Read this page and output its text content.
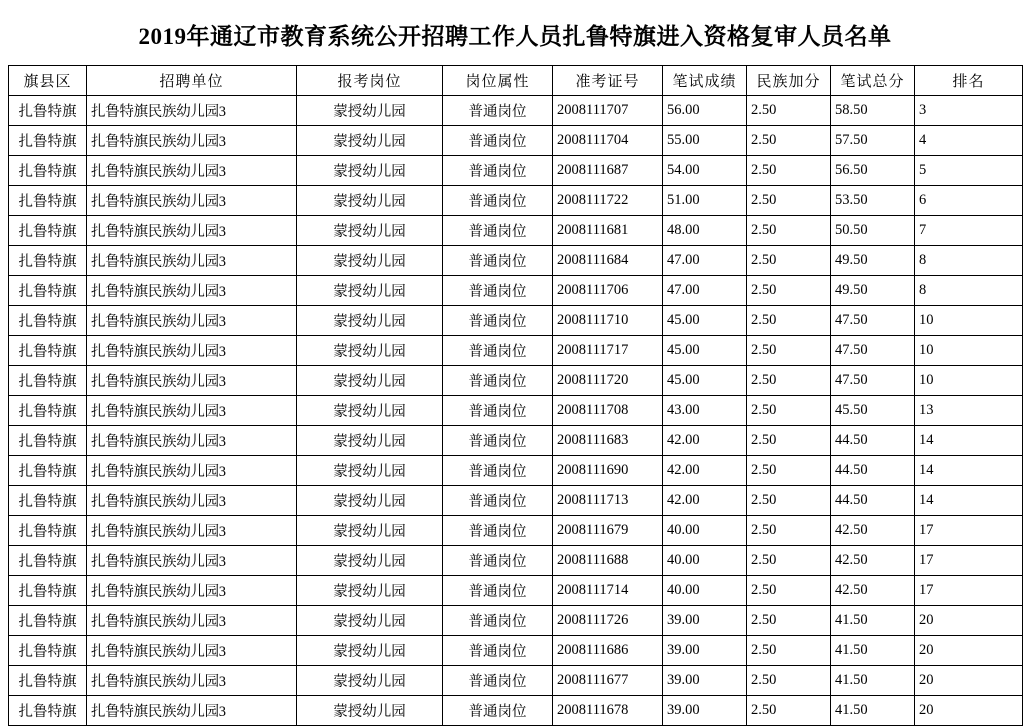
2019年通辽市教育系统公开招聘工作人员扎鲁特旗进入资格复审人员名单
旗县区	招聘单位	报考岗位	岗位属性	准考证号	笔试成绩	民族加分	笔试总分	排名
扎鲁特旗	扎鲁特旗民族幼儿园3	蒙授幼儿园	普通岗位	2008111707	56.00	2.50	58.50	3
扎鲁特旗	扎鲁特旗民族幼儿园3	蒙授幼儿园	普通岗位	2008111704	55.00	2.50	57.50	4
扎鲁特旗	扎鲁特旗民族幼儿园3	蒙授幼儿园	普通岗位	2008111687	54.00	2.50	56.50	5
扎鲁特旗	扎鲁特旗民族幼儿园3	蒙授幼儿园	普通岗位	2008111722	51.00	2.50	53.50	6
扎鲁特旗	扎鲁特旗民族幼儿园3	蒙授幼儿园	普通岗位	2008111681	48.00	2.50	50.50	7
扎鲁特旗	扎鲁特旗民族幼儿园3	蒙授幼儿园	普通岗位	2008111684	47.00	2.50	49.50	8
扎鲁特旗	扎鲁特旗民族幼儿园3	蒙授幼儿园	普通岗位	2008111706	47.00	2.50	49.50	8
扎鲁特旗	扎鲁特旗民族幼儿园3	蒙授幼儿园	普通岗位	2008111710	45.00	2.50	47.50	10
扎鲁特旗	扎鲁特旗民族幼儿园3	蒙授幼儿园	普通岗位	2008111717	45.00	2.50	47.50	10
扎鲁特旗	扎鲁特旗民族幼儿园3	蒙授幼儿园	普通岗位	2008111720	45.00	2.50	47.50	10
扎鲁特旗	扎鲁特旗民族幼儿园3	蒙授幼儿园	普通岗位	2008111708	43.00	2.50	45.50	13
扎鲁特旗	扎鲁特旗民族幼儿园3	蒙授幼儿园	普通岗位	2008111683	42.00	2.50	44.50	14
扎鲁特旗	扎鲁特旗民族幼儿园3	蒙授幼儿园	普通岗位	2008111690	42.00	2.50	44.50	14
扎鲁特旗	扎鲁特旗民族幼儿园3	蒙授幼儿园	普通岗位	2008111713	42.00	2.50	44.50	14
扎鲁特旗	扎鲁特旗民族幼儿园3	蒙授幼儿园	普通岗位	2008111679	40.00	2.50	42.50	17
扎鲁特旗	扎鲁特旗民族幼儿园3	蒙授幼儿园	普通岗位	2008111688	40.00	2.50	42.50	17
扎鲁特旗	扎鲁特旗民族幼儿园3	蒙授幼儿园	普通岗位	2008111714	40.00	2.50	42.50	17
扎鲁特旗	扎鲁特旗民族幼儿园3	蒙授幼儿园	普通岗位	2008111726	39.00	2.50	41.50	20
扎鲁特旗	扎鲁特旗民族幼儿园3	蒙授幼儿园	普通岗位	2008111686	39.00	2.50	41.50	20
扎鲁特旗	扎鲁特旗民族幼儿园3	蒙授幼儿园	普通岗位	2008111677	39.00	2.50	41.50	20
扎鲁特旗	扎鲁特旗民族幼儿园3	蒙授幼儿园	普通岗位	2008111678	39.00	2.50	41.50	20
